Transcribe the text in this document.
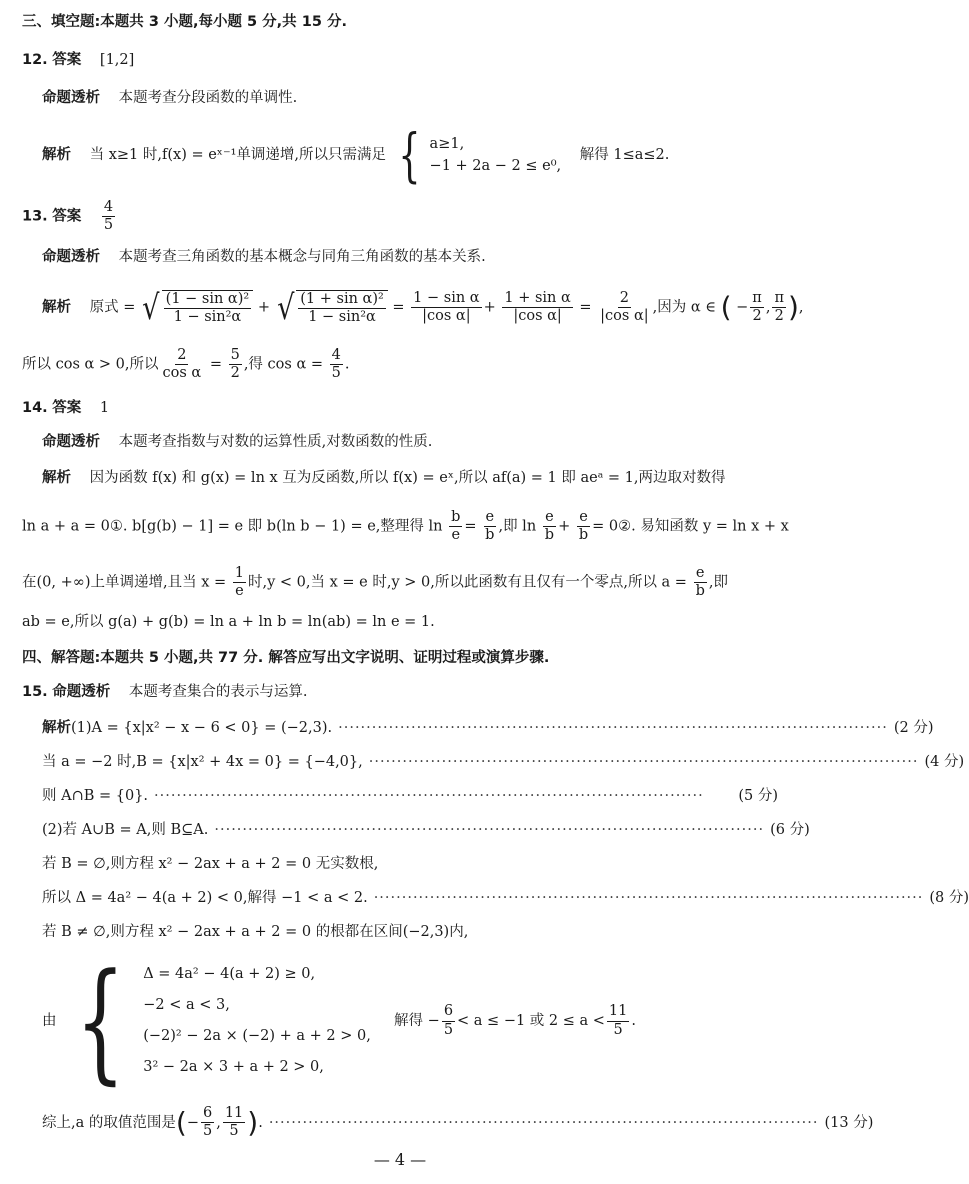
三、填空题:本题共 3 小题,每小题 5 分,共 15 分.
12. 答案 [1,2]
命题透析 本题考查分段函数的单调性.
解析 当 x≥1 时,f(x) = eˣ⁻¹单调递增,所以只需满足 { a≥1,
−1 + 2a − 2 ≤ e⁰,
解得 1≤a≤2.
13. 答案 $\frac{4}{5}$
命题透析 本题考查三角函数的基本概念与同角三角函数的基本关系.
解析 原式 = √ $\frac{\text{(1 − sin α)²}}{\text{1 − sin²α}}$ + √ $\frac{\text{(1 + sin α)²}}{\text{1 − sin²α}} = \frac{\text{1 − sin α}}{\text{|cos α|}} + \frac{\text{1 + sin α}}{\text{|cos α|}} = \frac{2}{\text{|cos α|}}$ ,因为 α ∈ ( − $\frac{\pi}{2}$ , $\frac{\pi}{2}$ ),
所以 cos α > 0,所以 $\frac{2}{\text{cos α}} = \frac{5}{2}$ ,得 $\cos \alpha = \frac{4}{5}$ .
14. 答案 1
命题透析 本题考查指数与对数的运算性质,对数函数的性质.
解析 因为函数 f(x) 和 g(x) = ln x 互为反函数,所以 f(x) = eˣ,所以 af(a) = 1 即 aeᵃ = 1,两边取对数得
ln a + a = 0①. b[g(b) − 1] = e 即 b(ln b − 1) = e,整理得 $\ln \frac{b}{e} = \frac{e}{b}$ ,即 $\ln \frac{e}{b} + \frac{e}{b}$ = 0②. 易知函数 y = ln x + x
在(0, +∞)上单调递增,且当 $x = \frac{1}{e}$ 时,y < 0,当 x = e 时,y > 0,所以此函数有且仅有一个零点,所以 $a = \frac{e}{b}$ ,即
ab = e,所以 g(a) + g(b) = ln a + ln b = ln(ab) = ln e = 1.
四、解答题:本题共 5 小题,共 77 分. 解答应写出文字说明、证明过程或演算步骤.
15. 命题透析 本题考查集合的表示与运算.
解析 (1)A = {x|x² − x − 6 < 0} = (−2,3). ·································································································· (2 分)
当 a = −2 时,B = {x|x² + 4x = 0} = {−4,0}, ·································································································· (4 分)
则 A∩B = {0}. ··································································································	(5 分)
(2)若 A∪B = A,则 B⊆A. ·································································································· (6 分)
若 B = ∅,则方程 x² − 2ax + a + 2 = 0 无实数根,
所以 Δ = 4a² − 4(a + 2) < 0,解得 −1 < a < 2. ·································································································· (8 分)
若 B ≠ ∅,则方程 x² − 2ax + a + 2 = 0 的根都在区间(−2,3)内,
由 { Δ = 4a² − 4(a + 2) ≥ 0,
−2 < a < 3,
(−2)² − 2a × (−2) + a + 2 > 0,
3² − 2a × 3 + a + 2 > 0,
解得 − $\frac{6}{5} < a \le -1$ 或 $2 \le a < \frac{11}{5}$ .
综上,a 的取值范围是 ( − $\frac{6}{5}$ , $\frac{11}{5}$ ) . ·································································································· (13 分)
— 4 —
